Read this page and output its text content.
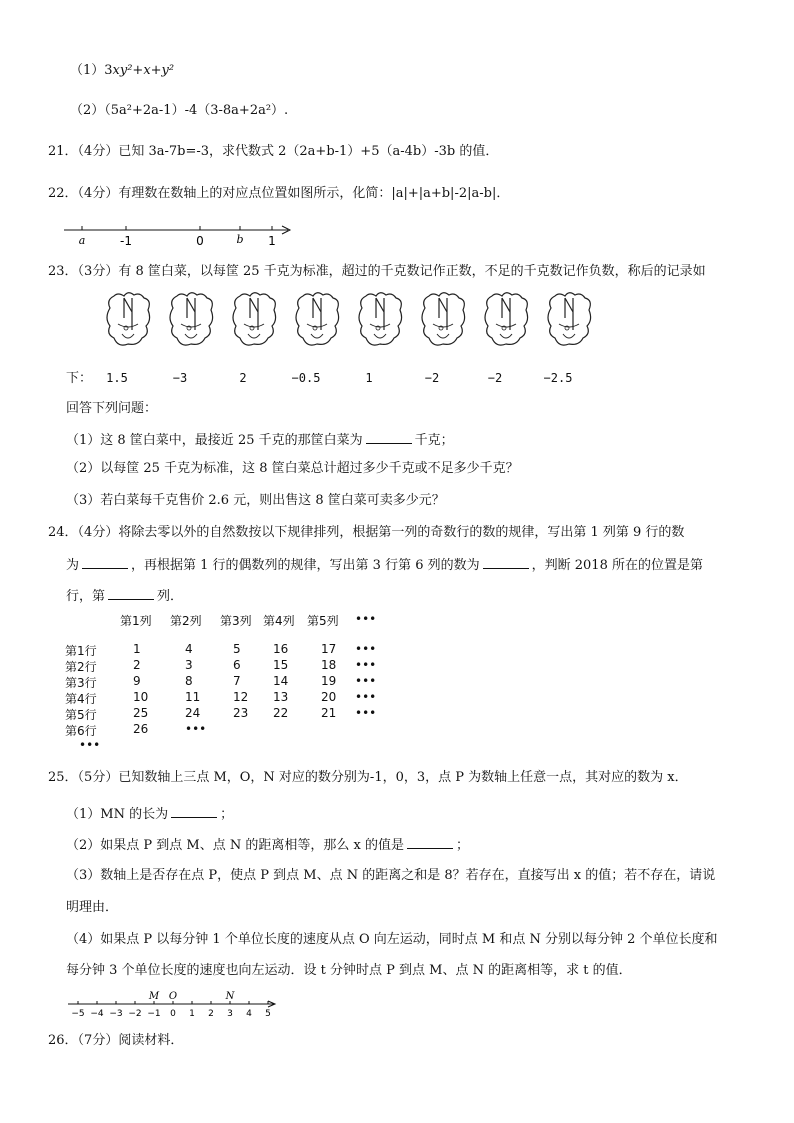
（1）3xy²+x+y²
（2）（5a²+2a-1）-4（3-8a+2a²）.
21．（4分）已知 3a-7b=-3，求代数式 2（2a+b-1）+5（a-4b）-3b 的值．
22．（4分）有理数在数轴上的对应点位置如图所示，化简：|a|+|a+b|-2|a-b|．
a	-1	0	b 1
23．（3分）有 8 筐白菜，以每筐 25 千克为标准，超过的千克数记作正数，不足的千克数记作负数，称后的记录如
下：	1.5	−3	2	−0.5	1	−2	−2	−2.5
回答下列问题：
（1）这 8 筐白菜中，最接近 25 千克的那筐白菜为	千克；
（2）以每筐 25 千克为标准，这 8 筐白菜总计超过多少千克或不足多少千克？
（3）若白菜每千克售价 2.6 元，则出售这 8 筐白菜可卖多少元？
24．（4分）将除去零以外的自然数按以下规律排列，根据第一列的奇数行的数的规律，写出第 1 列第 9 行的数
为	，再根据第 1 行的偶数列的规律，写出第 3 行第 6 列的数为	，判断 2018 所在的位置是第
行，第	列．
第1列 第2列 第3列 第4列 第5列 •••
第1行	1	4	5	16	17 •••
第2行	2	3	6	15	18 •••
第3行	9	8	7	14	19 •••
第4行	10	11	12 13	20 •••
第5行	25	24	23 22	21 •••
第6行	26	•••
•••
25．（5分）已知数轴上三点 M，O，N 对应的数分别为-1，0，3，点 P 为数轴上任意一点，其对应的数为 x．
（1）MN 的长为	；
（2）如果点 P 到点 M、点 N 的距离相等，那么 x 的值是	；
（3）数轴上是否存在点 P，使点 P 到点 M、点 N 的距离之和是 8？若存在，直接写出 x 的值；若不存在，请说
明理由．
（4）如果点 P 以每分钟 1 个单位长度的速度从点 O 向左运动，同时点 M 和点 N 分别以每分钟 2 个单位长度和
每分钟 3 个单位长度的速度也向左运动．设 t 分钟时点 P 到点 M、点 N 的距离相等，求 t 的值．
−5 −4 −3 −2 −1 0 1 2 3 4 5
M O	N
26．（7分）阅读材料．
